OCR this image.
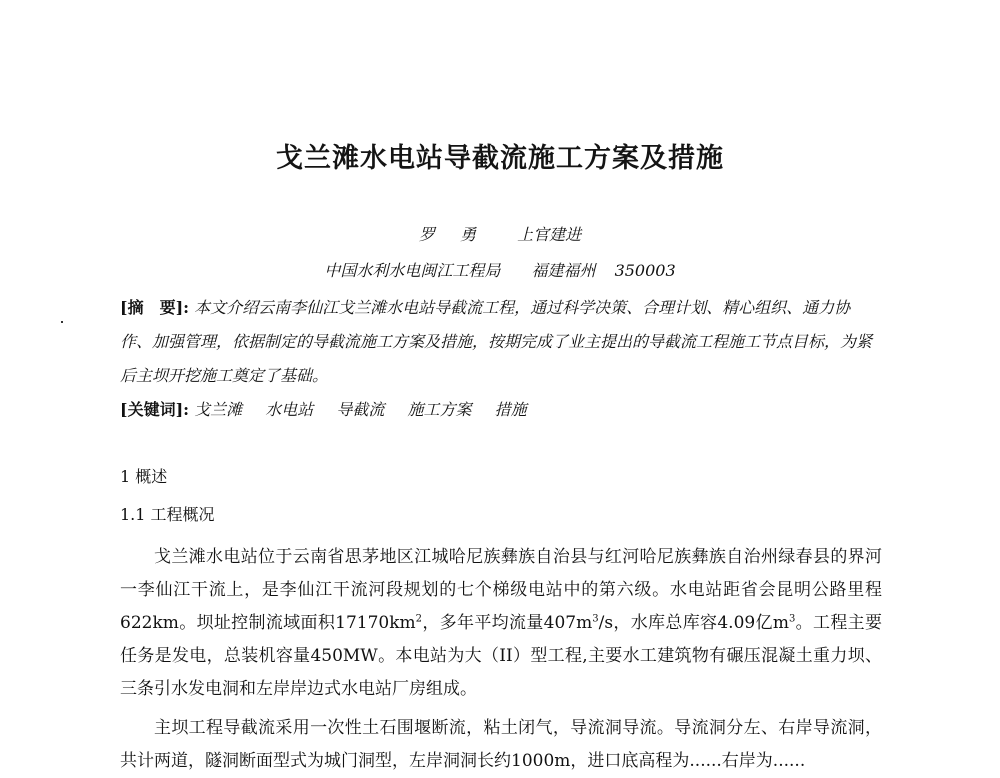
戈兰滩水电站导截流施工方案及措施
罗 勇 上官建进
中国水利水电闽江工程局 福建福州 350003
[摘　要]: 本文介绍云南李仙江戈兰滩水电站导截流工程，通过科学决策、合理计划、精心组织、通力协作、加强管理，依据制定的导截流施工方案及措施，按期完成了业主提出的导截流工程施工节点目标，为紧后主坝开挖施工奠定了基础。
[关键词]: 戈兰滩 水电站 导截流 施工方案 措施
1 概述
1.1 工程概况

戈兰滩水电站位于云南省思茅地区江城哈尼族彝族自治县与红河哈尼族彝族自治州绿春县的界河一李仙江干流上，是李仙江干流河段规划的七个梯级电站中的第六级。水电站距省会昆明公路里程622km。坝址控制流域面积$17170km^2$，多年平均流量$407m^3/s$，水库总库容4.09亿$m^3$。工程主要任务是发电，总装机容量450MW。本电站为大（II）型工程,主要水工建筑物有碾压混凝土重力坝、三条引水发电洞和左岸岸边式水电站厂房组成。

主坝工程导截流采用一次性土石围堰断流，粘土闭气，导流洞导流。导流洞分左、右岸导流洞，共计两道，隧洞断面型式为城门洞型，左岸洞洞长约1000m，进口底高程为......右岸为......
